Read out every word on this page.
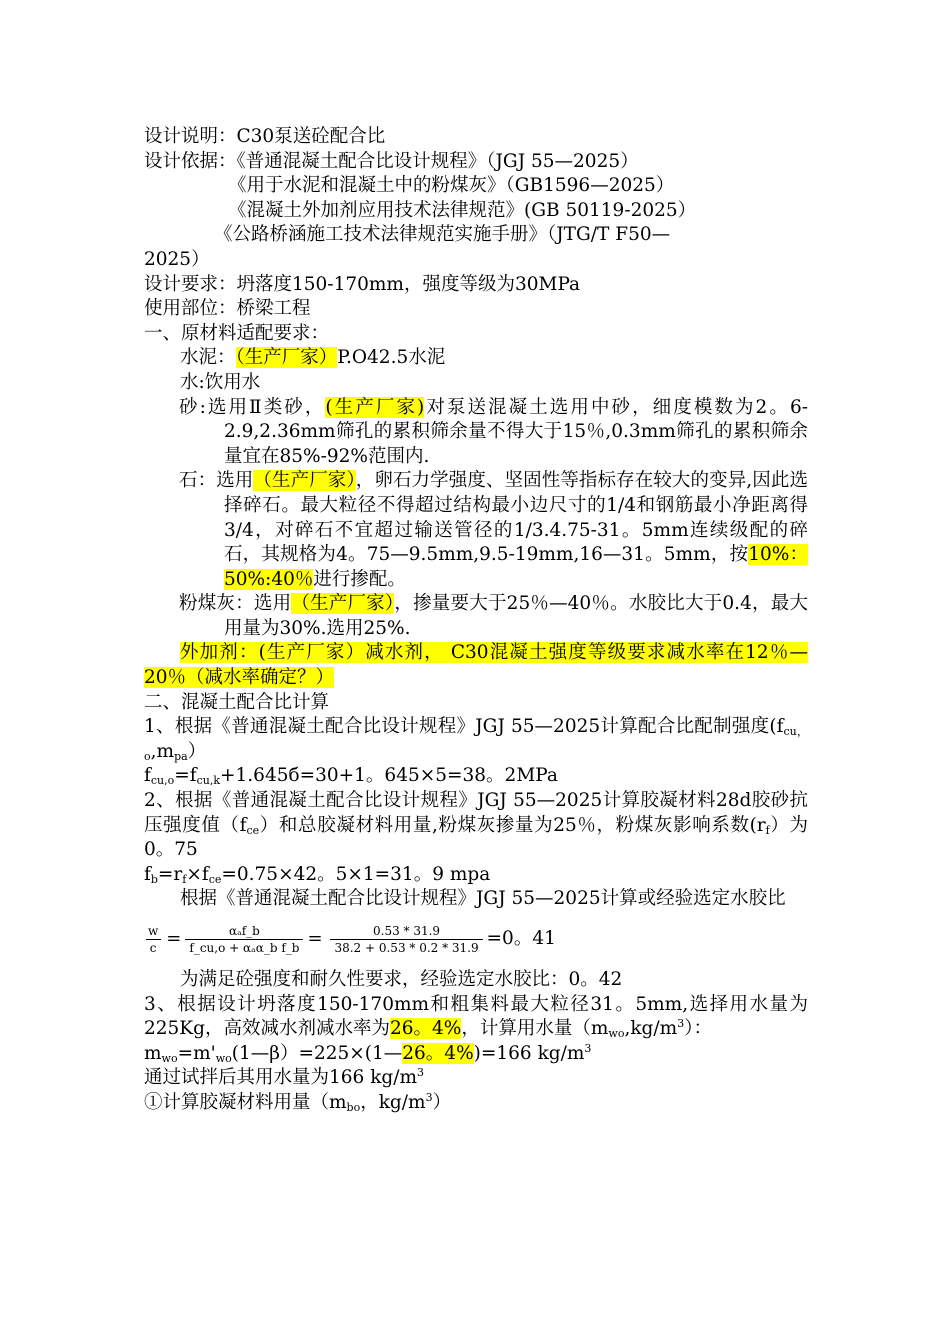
设计说明：C30泵送砼配合比

设计依据：《普通混凝土配合比设计规程》（JGJ 55—2025）

《用于水泥和混凝土中的粉煤灰》（GB1596—2025）

《混凝土外加剂应用技术法律规范》(GB 50119-2025）

《公路桥涵施工技术法律规范实施手册》（JTG/T F50—

2025）

设计要求：坍落度150-170mm，强度等级为30MPa

使用部位：桥梁工程

一、原材料适配要求：

水泥：（生产厂家）P.O42.5水泥

水:饮用水

砂:选用Ⅱ类砂，(生产厂家)对泵送混凝土选用中砂，细度模数为2。6-2.9,2.36mm筛孔的累积筛余量不得大于15％,0.3mm筛孔的累积筛余量宜在85%-92%范围内.

石：选用（生产厂家），卵石力学强度、坚固性等指标存在较大的变异,因此选择碎石。最大粒径不得超过结构最小边尺寸的1/4和钢筋最小净距离得3/4，对碎石不宜超过输送管径的1/3.4.75-31。5mm连续级配的碎石，其规格为4。75—9.5mm,9.5-19mm,16—31。5mm，按10%：50%:40％进行掺配。

粉煤灰：选用（生产厂家），掺量要大于25％—40％。水胶比大于0.4，最大用量为30%.选用25%.

外加剂：(生产厂家）减水剂， C30混凝土强度等级要求减水率在12％—20％（减水率确定？）

二、混凝土配合比计算

1、根据《普通混凝土配合比设计规程》JGJ 55—2025计算配合比配制强度$(f_{cu,o},m_{pa})$

$f_{cu,o}=f_{cu,k}+1.645б=30+1$。645×5=38。2MPa

2、根据《普通混凝土配合比设计规程》JGJ 55—2025计算胶凝材料28d胶砂抗压强度值$(f_{ce})$和总胶凝材料用量,粉煤灰掺量为25％，粉煤灰影响系数$(r_f)$为0。75

$f_b=r_f\times f_{ce}=0.75\times 42$。5×1=31。9 mpa

根据《普通混凝土配合比设计规程》JGJ 55—2025计算或经验选定水胶比

$\frac{w}{c} = \frac{\text{αₐf\_b}}{\text{f\_cu,o + αₐα\_b f\_b}} = \frac{0.53 * 31.9}{38.2 + 0.53 * 0.2 * 31.9} =0$。41

为满足砼强度和耐久性要求，经验选定水胶比：0。42

3、根据设计坍落度150-170mm和粗集料最大粒径31。5mm,选择用水量为225Kg，高效减水剂减水率为26。4%，计算用水量$(m_{wo},kg/m^3)$：

$m_{wo}=m'_{wo}(1—\beta)=225\times(1—26$。4%)=166 $kg/m^3$

通过试拌后其用水量为166 $kg/m^3$

①计算胶凝材料用量（$m_{bo}$，$kg/m^3$）
